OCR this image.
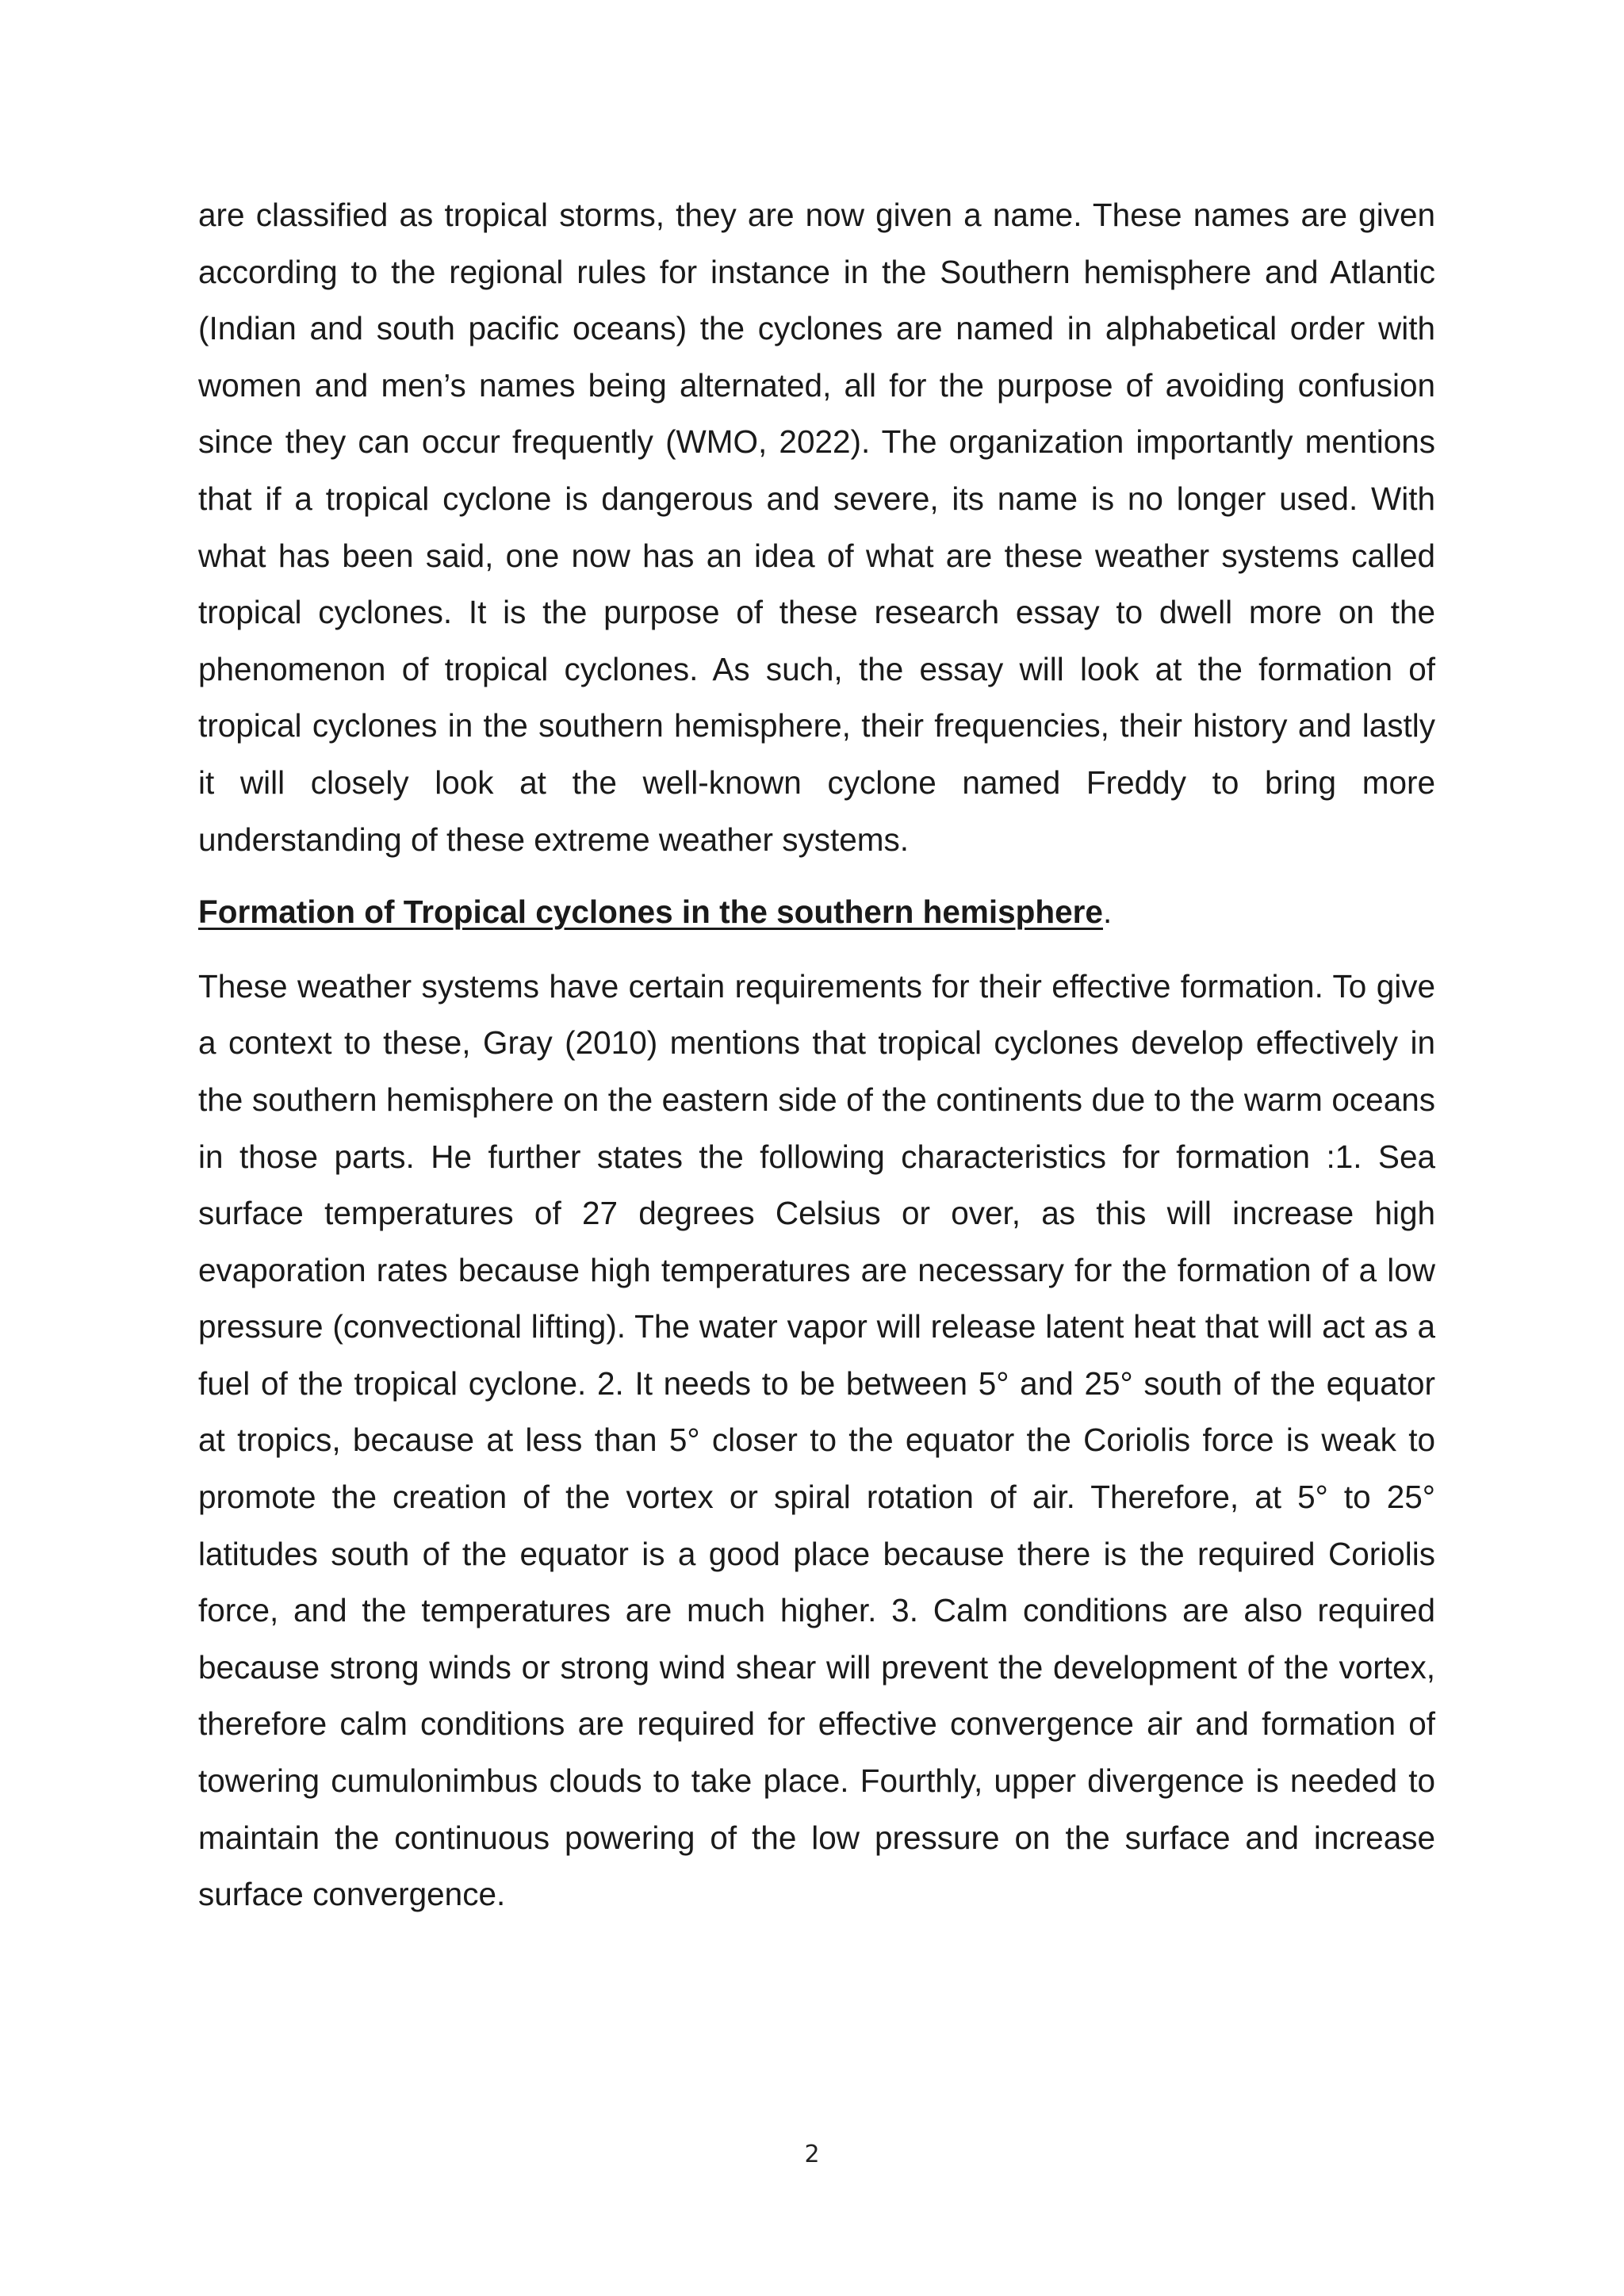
are classified as tropical storms, they are now given a name. These names are given according to the regional rules for instance in the Southern hemisphere and Atlantic (Indian and south pacific oceans) the cyclones are named in alphabetical order with women and men’s names being alternated, all for the purpose of avoiding confusion since they can occur frequently (WMO, 2022). The organization importantly mentions that if a tropical cyclone is dangerous and severe, its name is no longer used. With what has been said, one now has an idea of what are these weather systems called tropical cyclones. It is the purpose of these research essay to dwell more on the phenomenon of tropical cyclones. As such, the essay will look at the formation of tropical cyclones in the southern hemisphere, their frequencies, their history and lastly it will closely look at the well-known cyclone named Freddy to bring more understanding of these extreme weather systems.

Formation of Tropical cyclones in the southern hemisphere.

These weather systems have certain requirements for their effective formation. To give a context to these, Gray (2010) mentions that tropical cyclones develop effectively in the southern hemisphere on the eastern side of the continents due to the warm oceans in those parts. He further states the following characteristics for formation :1. Sea surface temperatures of 27 degrees Celsius or over, as this will increase high evaporation rates because high temperatures are necessary for the formation of a low pressure (convectional lifting). The water vapor will release latent heat that will act as a fuel of the tropical cyclone. 2. It needs to be between 5° and 25° south of the equator at tropics, because at less than 5° closer to the equator the Coriolis force is weak to promote the creation of the vortex or spiral rotation of air. Therefore, at 5° to 25° latitudes south of the equator is a good place because there is the required Coriolis force, and the temperatures are much higher. 3. Calm conditions are also required because strong winds or strong wind shear will prevent the development of the vortex, therefore calm conditions are required for effective convergence air and formation of towering cumulonimbus clouds to take place. Fourthly, upper divergence is needed to maintain the continuous powering of the low pressure on the surface and increase surface convergence.

2
